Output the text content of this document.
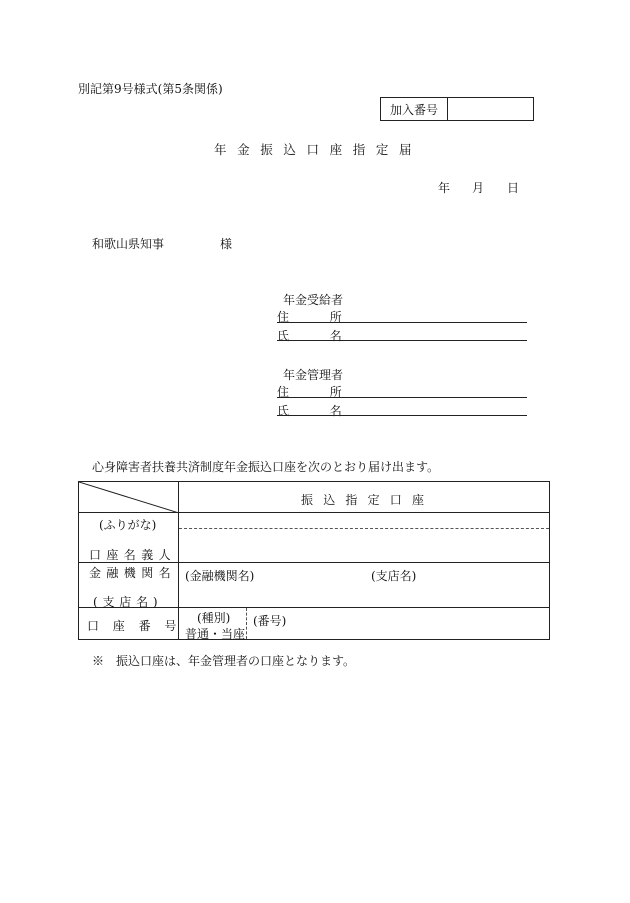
別記第9号様式(第5条関係)
加入番号
年金振込口座指定届
年 月 日
和歌山県知事	様
年金受給者
住　所
氏　名
年金管理者
住　所
氏　名
心身障害者扶養共済制度年金振込口座を次のとおり届け出ます。
振込指定口座
(ふりがな)
口座名義人
金融機関名
(支店名)
(金融機関名)	(支店名)
口座番号
(種別)
普通・当座
(番号)
※　振込口座は、年金管理者の口座となります。
